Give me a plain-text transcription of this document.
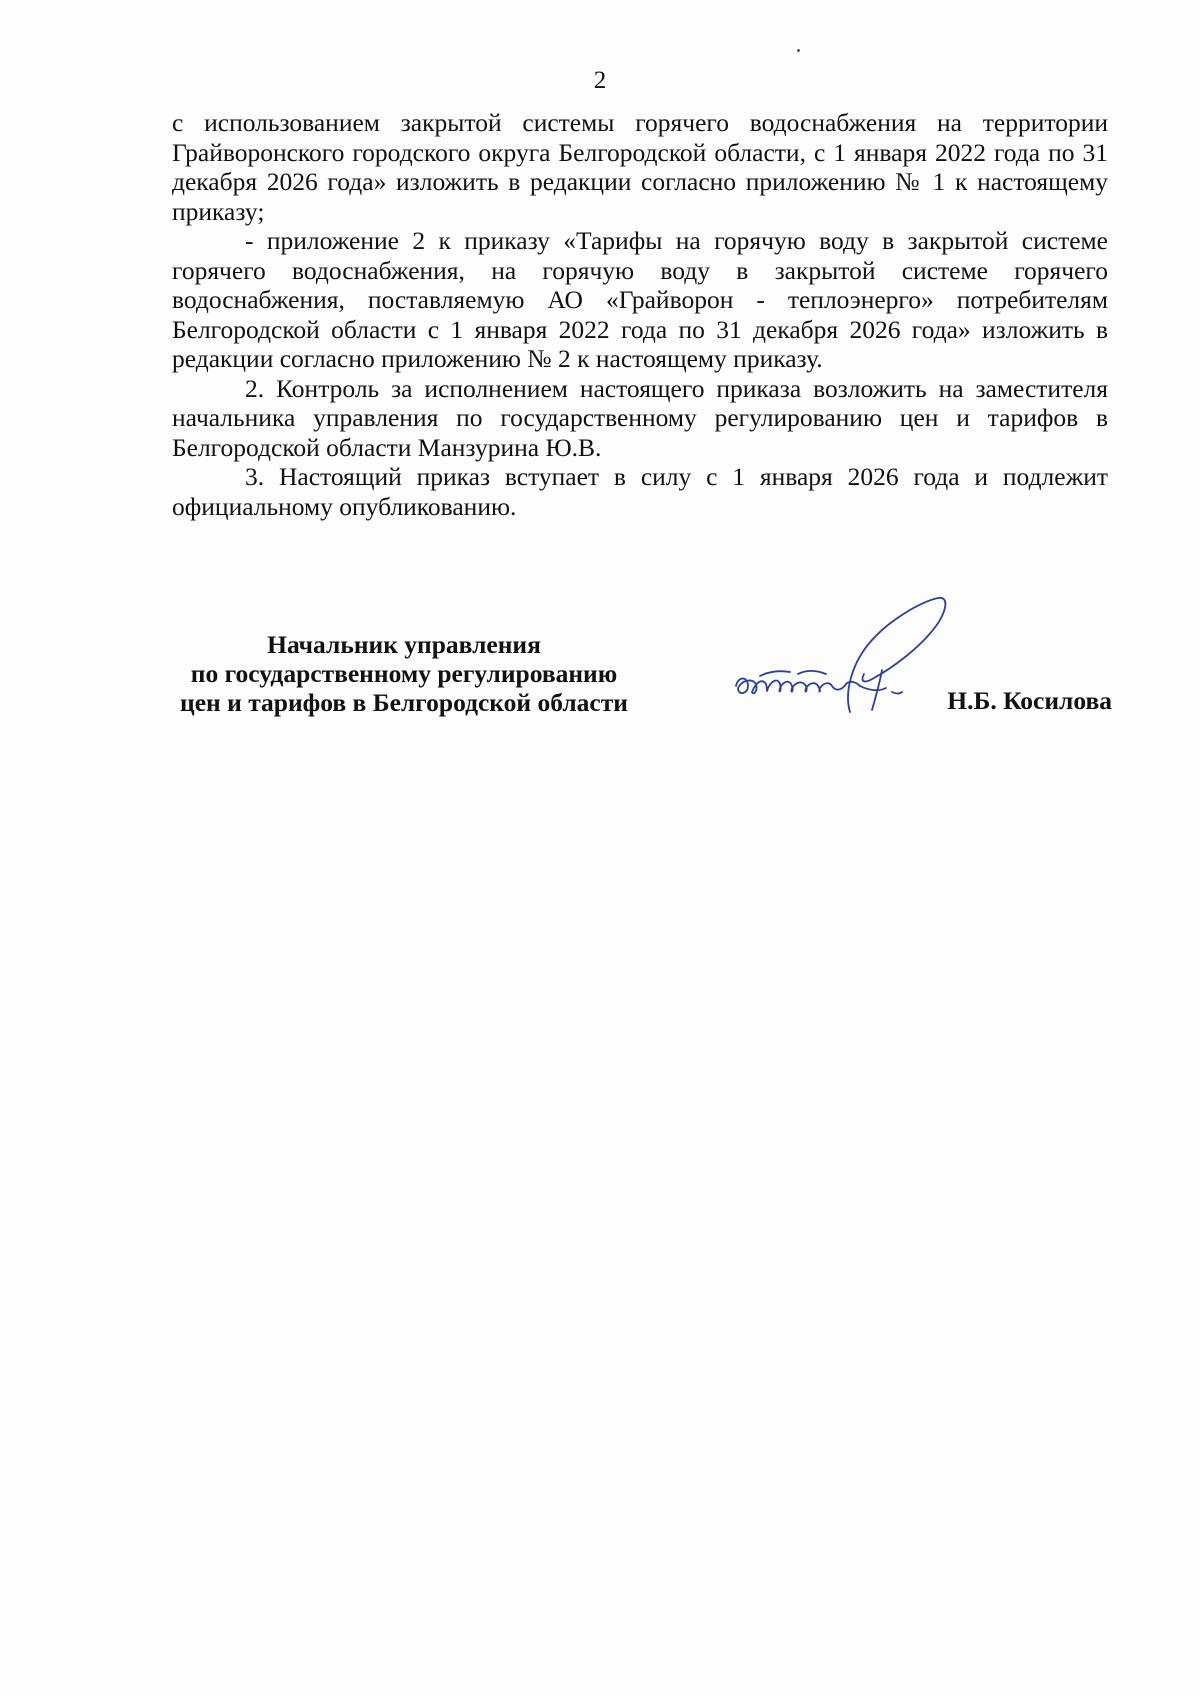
2

с использованием закрытой системы горячего водоснабжения на территории Грайворонского городского округа Белгородской области, с 1 января 2022 года по 31 декабря 2026 года» изложить в редакции согласно приложению № 1 к настоящему приказу;

- приложение 2 к приказу «Тарифы на горячую воду в закрытой системе горячего водоснабжения, на горячую воду в закрытой системе горячего водоснабжения, поставляемую АО «Грайворон - теплоэнерго» потребителям Белгородской области с 1 января 2022 года по 31 декабря 2026 года» изложить в редакции согласно приложению № 2 к настоящему приказу.

2. Контроль за исполнением настоящего приказа возложить на заместителя начальника управления по государственному регулированию цен и тарифов в Белгородской области Манзурина Ю.В.

3. Настоящий приказ вступает в силу с 1 января 2026 года и подлежит официальному опубликованию.

Начальник управления
по государственному регулированию
цен и тарифов в Белгородской области	Н.Б. Косилова
